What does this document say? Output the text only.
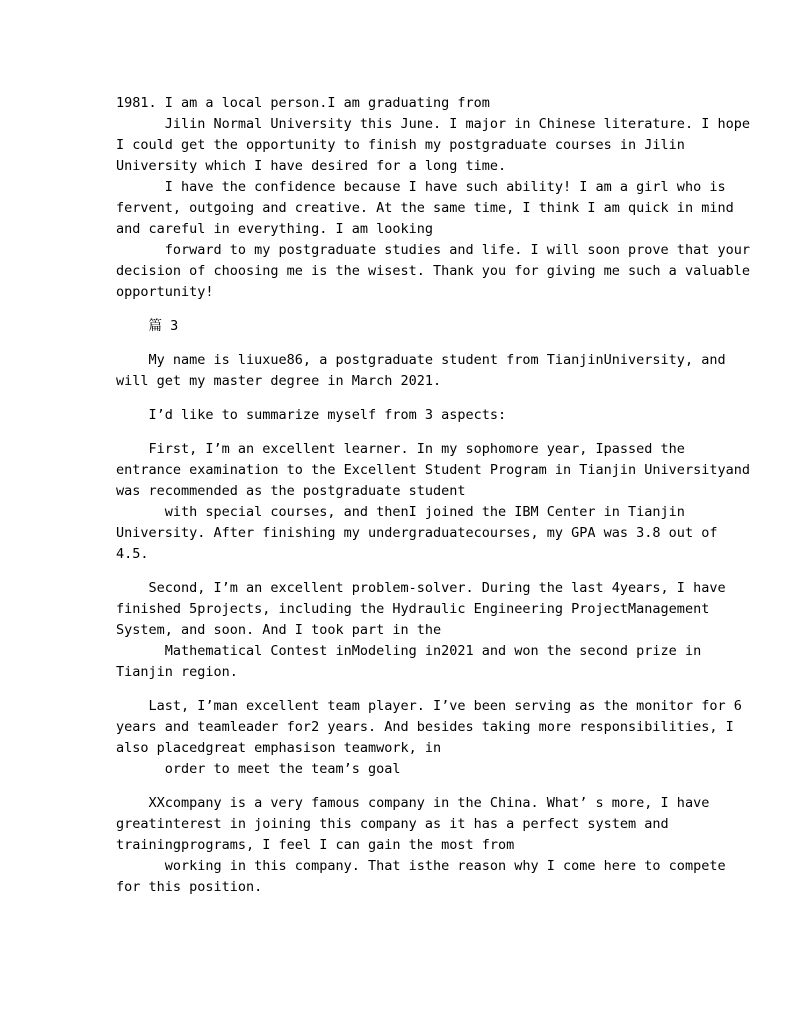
1981. I am a local person.I am graduating from
Jilin Normal University this June. I major in Chinese literature. I hope
I could get the opportunity to finish my postgraduate courses in Jilin
University which I have desired for a long time.
I have the confidence because I have such ability! I am a girl who is
fervent, outgoing and creative. At the same time, I think I am quick in mind
and careful in everything. I am looking
forward to my postgraduate studies and life. I will soon prove that your
decision of choosing me is the wisest. Thank you for giving me such a valuable
opportunity!
篇 3
My name is liuxue86, a postgraduate student from TianjinUniversity, and
will get my master degree in March 2021.
I’d like to summarize myself from 3 aspects:
First, I’m an excellent learner. In my sophomore year, Ipassed the
entrance examination to the Excellent Student Program in Tianjin Universityand
was recommended as the postgraduate student
with special courses, and thenI joined the IBM Center in Tianjin
University. After finishing my undergraduatecourses, my GPA was 3.8 out of
4.5.
Second, I’m an excellent problem-solver. During the last 4years, I have
finished 5projects, including the Hydraulic Engineering ProjectManagement
System, and soon. And I took part in the
Mathematical Contest inModeling in2021 and won the second prize in
Tianjin region.
Last, I’man excellent team player. I’ve been serving as the monitor for 6
years and teamleader for2 years. And besides taking more responsibilities, I
also placedgreat emphasison teamwork, in
order to meet the team’s goal
XXcompany is a very famous company in the China. What’ s more, I have
greatinterest in joining this company as it has a perfect system and
trainingprograms, I feel I can gain the most from
working in this company. That isthe reason why I come here to compete
for this position.
